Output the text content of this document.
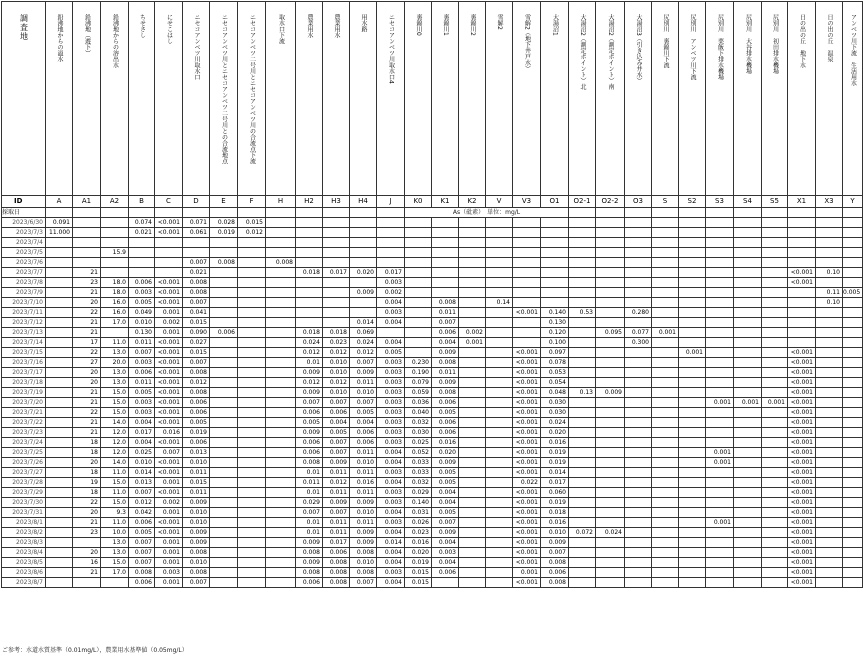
調査地	鉛沸地からの溢水	鉛沸地（遊下）	鉛沸地からの溶出水	ちせさし	にせこはし	ニセコアンベツ川取水口	ニセコアンベツ川とニセコアンベツ二号川との合流地点	ニセコアンベツ二号川とニセコアンベツ川の合流点下流	取水口下流	農業用水	農業用水	用水路	ニセコアンベツ川取水口4	裏錦川0	裏錦川1	裏錦川2	雪解2	雪解2（地下井戸水）	大湯沼1	大湯沼2（測定ポイント）北	大湯沼2（測定ポイント）南	大湯沼3（引き込み井水）	尻別川　裏錦川下流	尻別川　アンベツ川下流	尻別川　栗飯下排水機場	尻別川　大谷排水機場	尻別川　初田排水機場	日の出の丘　地下水	日の出の丘　温泉	アンベツ川下流　生活用水

ID	A	A1	A2	B	C	D	E	F	H	H2	H3	H4	J	K0	K1	K2	V	V3	O1	O2-1	O2-2	O3	S	S2	S3	S4	S5	X1	X3	Y
採取日														As（砒素）　単位：mg/L																
2023/6/30	0.091			0.074	<0.001	0.071	0.028	0.015																						
2023/7/3	11.000			0.021	<0.001	0.061	0.019	0.012																						
2023/7/4																														
2023/7/5			15.9																											
2023/7/6						0.007	0.008		0.008																					
2023/7/7		21				0.021				0.018	0.017	0.020	0.017															<0.001	0.10	
2023/7/8		23	18.0	0.006	<0.001	0.008							0.003															<0.001		
2023/7/9		21	18.0	0.003	<0.001	0.008						0.009	0.002																0.11	0.005
2023/7/10		20	16.0	0.005	<0.001	0.007							0.004		0.008		0.14												0.10	
2023/7/11		22	16.0	0.049	0.001	0.041							0.003		0.011			<0.001	0.140	0.53		0.280								
2023/7/12		21	17.0	0.010	0.002	0.015						0.014	0.004		0.007				0.130											
2023/7/13		21		0.130	0.001	0.090	0.006			0.018	0.018	0.069			0.006	0.002			0.120		0.095	0.077	0.001							
2023/7/14		17	11.0	0.011	<0.001	0.027				0.024	0.023	0.024	0.004		0.004	0.001			0.100			0.300								
2023/7/15		22	13.0	0.007	<0.001	0.015				0.012	0.012	0.012	0.005		0.009			<0.001	0.097					0.001				<0.001		
2023/7/16		27	20.0	0.003	<0.001	0.007				0.01	0.010	0.007	0.003	0.230	0.008			<0.001	0.078									<0.001		
2023/7/17		20	13.0	0.006	<0.001	0.008				0.009	0.010	0.009	0.003	0.190	0.011			<0.001	0.053									<0.001		
2023/7/18		20	13.0	0.011	<0.001	0.012				0.012	0.012	0.011	0.003	0.079	0.009			<0.001	0.054									<0.001		
2023/7/19		21	15.0	0.005	<0.001	0.008				0.009	0.010	0.010	0.003	0.059	0.008			<0.001	0.048	0.13	0.009							<0.001		
2023/7/20		21	15.0	0.003	<0.001	0.006				0.007	0.007	0.007	0.003	0.036	0.006			<0.001	0.030						0.001	0.001	0.001	<0.001		
2023/7/21		22	15.0	0.003	<0.001	0.006				0.006	0.006	0.005	0.003	0.040	0.005			<0.001	0.030									<0.001		
2023/7/22		21	14.0	0.004	<0.001	0.005				0.005	0.004	0.004	0.003	0.032	0.006			<0.001	0.024									<0.001		
2023/7/23		21	12.0	0.017	0.016	0.019				0.009	0.005	0.006	0.003	0.030	0.006			<0.001	0.020									<0.001		
2023/7/24		18	12.0	0.004	<0.001	0.006				0.006	0.007	0.006	0.003	0.025	0.016			<0.001	0.016									<0.001		
2023/7/25		18	12.0	0.025	0.007	0.013				0.006	0.007	0.011	0.004	0.052	0.020			<0.001	0.019						0.001			<0.001		
2023/7/26		20	14.0	0.010	<0.001	0.010				0.008	0.009	0.010	0.004	0.033	0.009			<0.001	0.019						0.001			<0.001		
2023/7/27		18	11.0	0.014	<0.001	0.011				0.01	0.011	0.011	0.003	0.033	0.005			<0.001	0.014									<0.001		
2023/7/28		19	15.0	0.013	0.001	0.015				0.011	0.012	0.016	0.004	0.032	0.005			0.022	0.017									<0.001		
2023/7/29		18	11.0	0.007	<0.001	0.011				0.01	0.011	0.011	0.003	0.029	0.004			<0.001	0.060									<0.001		
2023/7/30		22	15.0	0.012	0.002	0.009				0.029	0.009	0.009	0.003	0.140	0.004			<0.001	0.019									<0.001		
2023/7/31		20	9.3	0.042	0.001	0.010				0.007	0.007	0.010	0.004	0.031	0.005			<0.001	0.018									<0.001		
2023/8/1		21	11.0	0.006	<0.001	0.010				0.01	0.011	0.011	0.003	0.026	0.007			<0.001	0.016						0.001			<0.001		
2023/8/2		23	10.0	0.005	<0.001	0.009				0.01	0.011	0.009	0.004	0.023	0.009			<0.001	0.010	0.072	0.024							<0.001		
2023/8/3			13.0	0.007	0.001	0.009				0.009	0.017	0.009	0.014	0.016	0.004			<0.001	0.009									<0.001		
2023/8/4		20	13.0	0.007	0.001	0.008				0.008	0.006	0.008	0.004	0.020	0.003			<0.001	0.007									<0.001		
2023/8/5		16	15.0	0.007	0.001	0.010				0.009	0.008	0.010	0.004	0.019	0.004			<0.001	0.008									<0.001		
2023/8/6		21	17.0	0.008	0.003	0.008				0.008	0.008	0.008	0.003	0.015	0.006			0.001	0.006									<0.001		
2023/8/7				0.006	0.001	0.007				0.006	0.008	0.007	0.004	0.015				<0.001	0.008									<0.001		
ご参考：水道水質基準（0.01mg/L），農業用水基準値（0.05mg/L）
